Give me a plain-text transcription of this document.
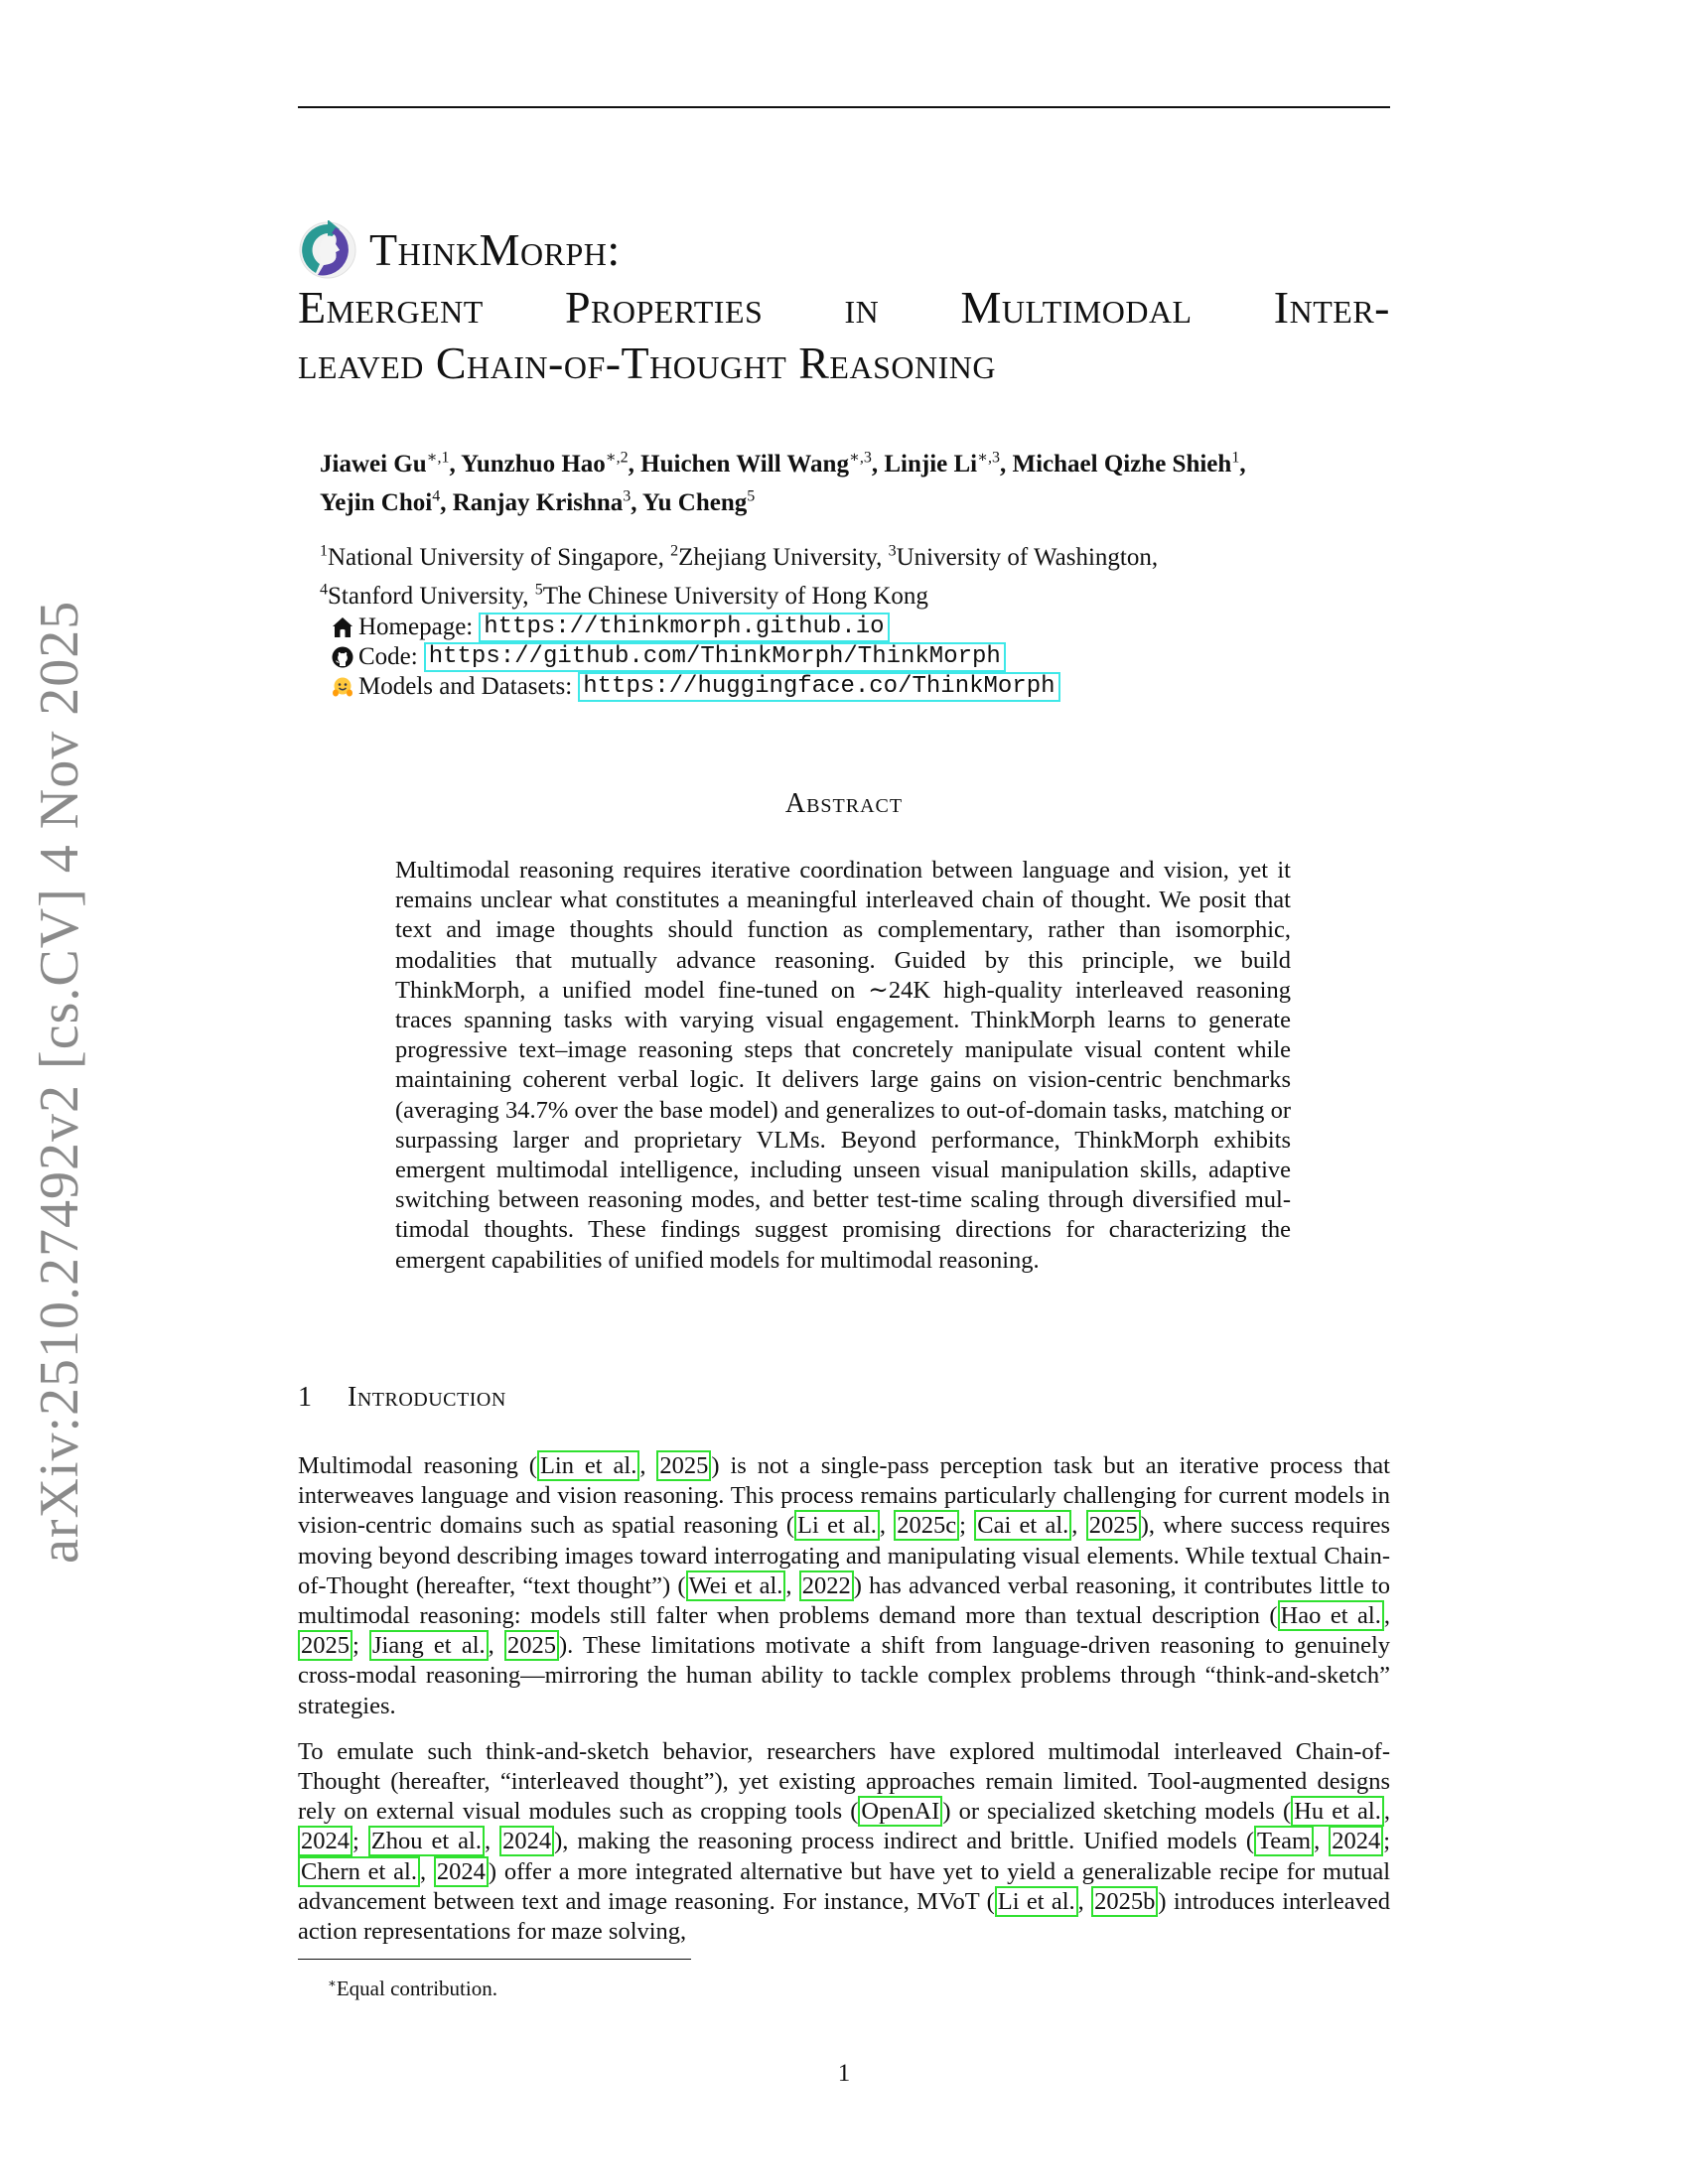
arXiv:2510.27492v2 [cs.CV] 4 Nov 2025
ThinkMorph:
Emergent Properties in Multimodal Inter-
leaved Chain-of-Thought Reasoning
Jiawei $Gu^{∗,1}$, Yunzhuo Hao$^{∗,2}$, Huichen Will Wang$^{∗,3}$, Linjie $Li^{∗,3}$, Michael Qizhe Shieh$^1$,
Yejin Choi$^4$, Ranjay Krishna$^3$, Yu Cheng$^5$
$^1$National University of Singapore, $^2$Zhejiang University, $^3$University of Washington,
$^4$Stanford University, $^5$The Chinese University of Hong Kong
Homepage: https://thinkmorph.github.io
Code: https://github.com/ThinkMorph/ThinkMorph
Models and Datasets: https://huggingface.co/ThinkMorph
Abstract
Multimodal reasoning requires iterative coordination between language and vision, yet it remains unclear what constitutes a meaningful interleaved chain of thought. We posit that text and image thoughts should function as complementary, rather than isomorphic, modalities that mutually advance reasoning. Guided by this principle, we build ThinkMorph, a unified model fine-tuned on ∼24K high-quality interleaved reasoning traces spanning tasks with varying visual engagement. ThinkMorph learns to generate progressive text–image reasoning steps that concretely manipulate visual content while maintaining coherent verbal logic. It delivers large gains on vision-centric benchmarks (averaging 34.7% over the base model) and generalizes to out-of-domain tasks, matching or surpassing larger and proprietary VLMs. Beyond performance, ThinkMorph exhibits emergent multimodal intelligence, including unseen visual manipulation skills, adaptive switching between reasoning modes, and better test-time scaling through diversified multimodal thoughts. These findings suggest promising directions for characterizing the emergent capabilities of unified models for multimodal reasoning.
1 Introduction

Multimodal reasoning ( Lin et al. , 2025 ) is not a single-pass perception task but an iterative process that interweaves language and vision reasoning. This process remains particularly challenging for current models in vision-centric domains such as spatial reasoning ( Li et al. , 2025c ; Cai et al. , 2025 ), where success requires moving beyond describing images toward interrogating and manipulating visual elements. While textual Chain-of-Thought (hereafter, “text thought”) ( Wei et al. , 2022 ) has advanced verbal reasoning, it contributes little to multimodal reasoning: models still falter when problems demand more than textual description ( Hao et al. , 2025 ; Jiang et al. , 2025 ). These limitations motivate a shift from language-driven reasoning to genuinely cross-modal reasoning—mirroring the human ability to tackle complex problems through “think-and-sketch” strategies.

To emulate such think-and-sketch behavior, researchers have explored multimodal interleaved Chain-of-Thought (hereafter, “interleaved thought”), yet existing approaches remain limited. Tool-augmented designs rely on external visual modules such as cropping tools ( OpenAI ) or specialized sketching models ( Hu et al. , 2024 ; Zhou et al. , 2024 ), making the reasoning process indirect and brittle. Unified models ( Team , 2024 ; Chern et al. , 2024 ) offer a more integrated alternative but have yet to yield a generalizable recipe for mutual advancement between text and image reasoning. For instance, MVoT ( Li et al. , 2025b ) introduces interleaved action representations for maze solving,

∗Equal contribution.
1
